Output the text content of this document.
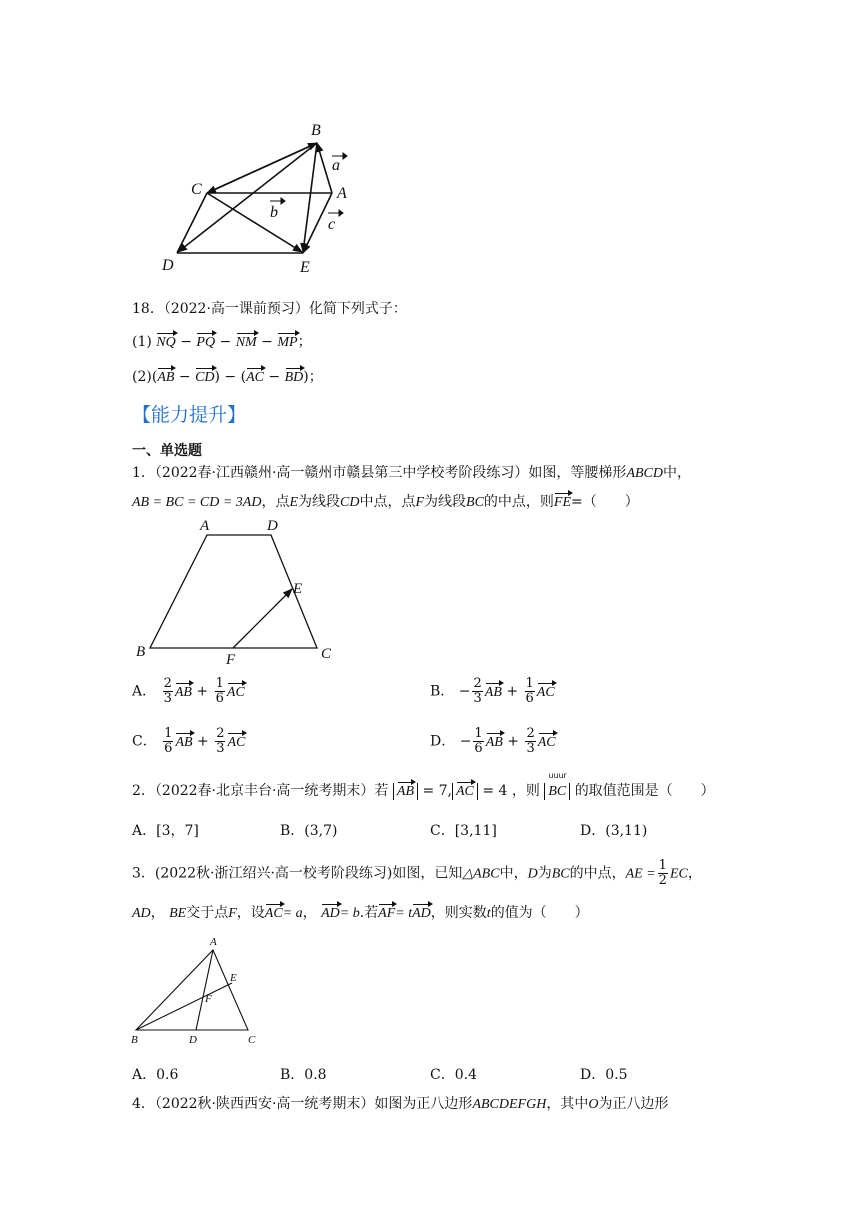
B
C	A
D	E
a
b
c
18．（2022·高一课前预习）化简下列式子：
(1) NQ − PQ − NM − MP；
(2)(AB − CD) − (AC − BD)；
【能力提升】
一、单选题
1．（2022春·江西赣州·高一赣州市赣县第三中学校考阶段练习）如图，等腰梯形ABCD中，
AB = BC = CD = 3AD，点E为线段CD中点，点F为线段BC的中点，则FE=（　　）
A	D
E
B	F	C
A． $\frac{2}{3}$ AB + $\frac{1}{6}$ AC	B． − $\frac{2}{3}$ AB + $\frac{1}{6}$ AC
C． $\frac{1}{6}$ AB + $\frac{2}{3}$ AC	D． − $\frac{1}{6}$ AB + $\frac{2}{3}$ AC
2．（2022春·北京丰台·高一统考期末）若 AB = 7, AC = 4 ，则 BC
uuur
的取值范围是（　　）
A．[3，7]	B．(3,7)	C．[3,11]	D．(3,11)
3．(2022秋·浙江绍兴·高一校考阶段练习)如图，已知△ABC中，D为BC的中点，AE = $\frac{1}{2}$ EC，
AD， BE交于点F，设AC= a， AD= b.若AF= tAD，则实数t的值为（　　）
A
E
F
B	D	C
A．0.6	B．0.8	C．0.4	D．0.5
4．（2022秋·陕西西安·高一统考期末）如图为正八边形ABCDEFGH，其中O为正八边形
